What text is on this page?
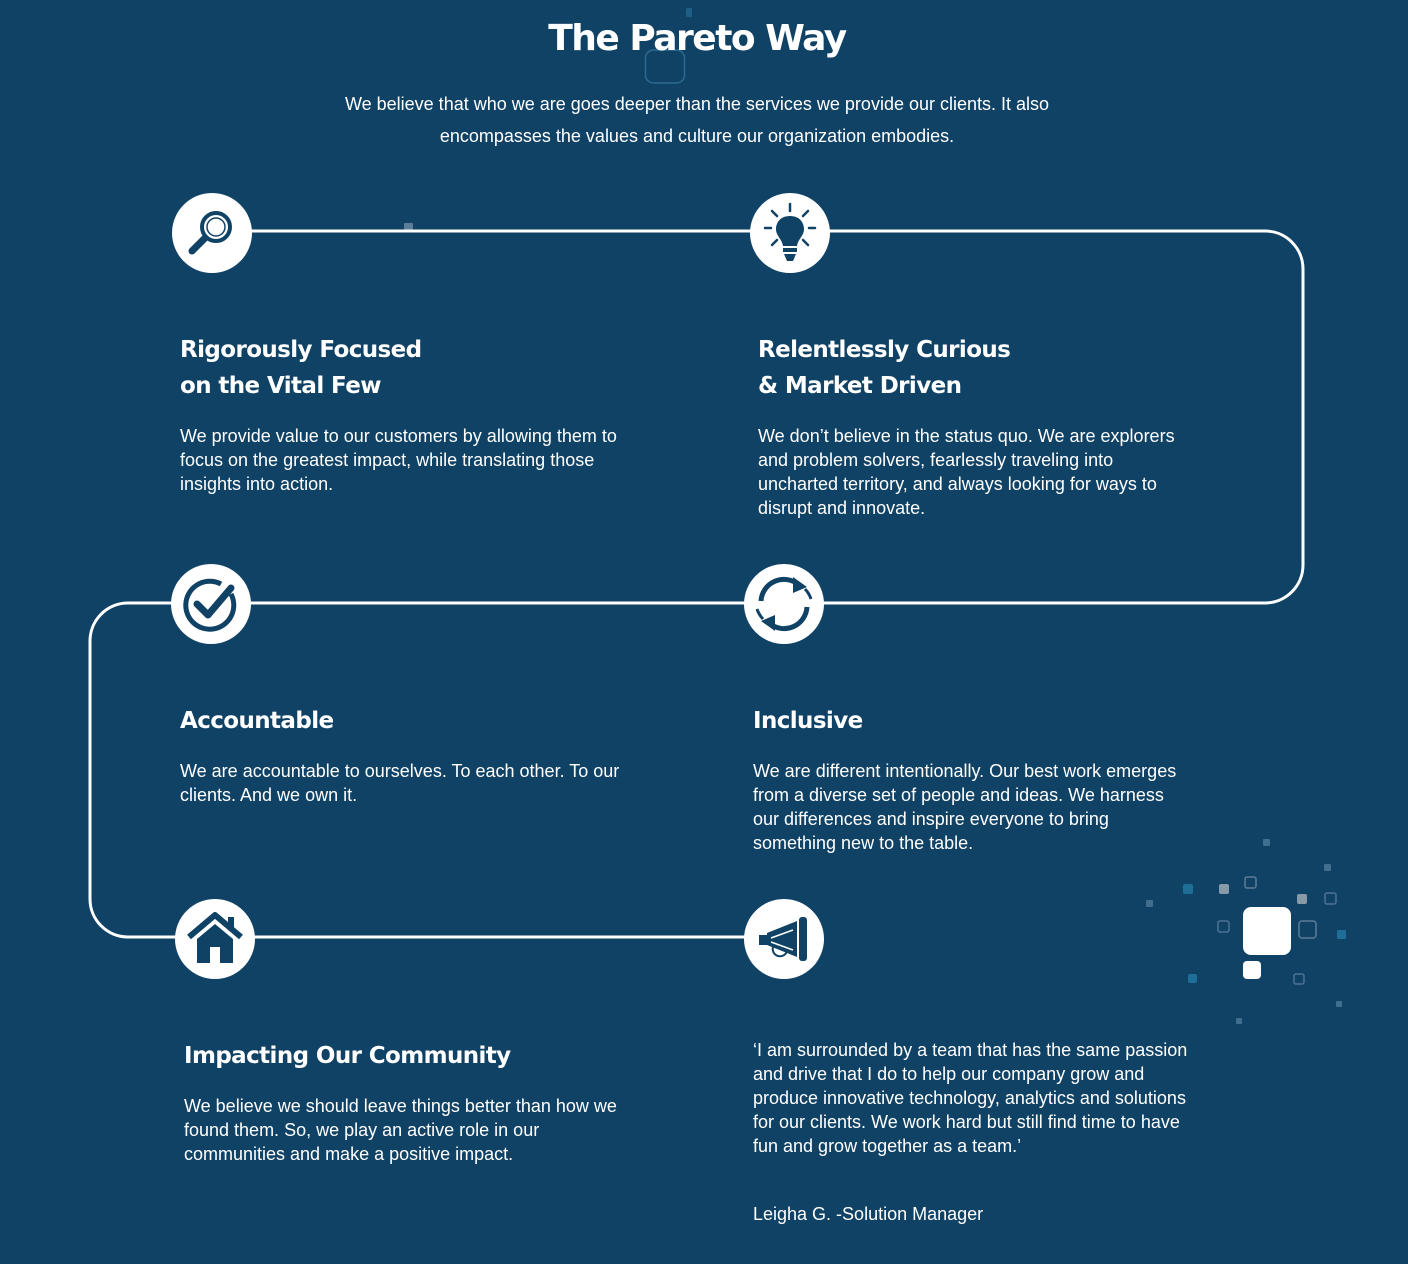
The Pareto Way

We believe that who we are goes deeper than the services we provide our clients. It also encompasses the values and culture our organization embodies.

Rigorously Focused
on the Vital Few

We provide value to our customers by allowing them to focus on the greatest impact, while translating those insights into action.

Relentlessly Curious
& Market Driven

We don’t believe in the status quo. We are explorers and problem solvers, fearlessly traveling into uncharted territory, and always looking for ways to disrupt and innovate.

Accountable

We are accountable to ourselves. To each other. To our clients. And we own it.

Inclusive

We are different intentionally. Our best work emerges from a diverse set of people and ideas. We harness our differences and inspire everyone to bring something new to the table.

Impacting Our Community

We believe we should leave things better than how we found them. So, we play an active role in our communities and make a positive impact.

‘I am surrounded by a team that has the same passion and drive that I do to help our company grow and produce innovative technology, analytics and solutions for our clients. We work hard but still find time to have fun and grow together as a team.’

Leigha G. -Solution Manager
